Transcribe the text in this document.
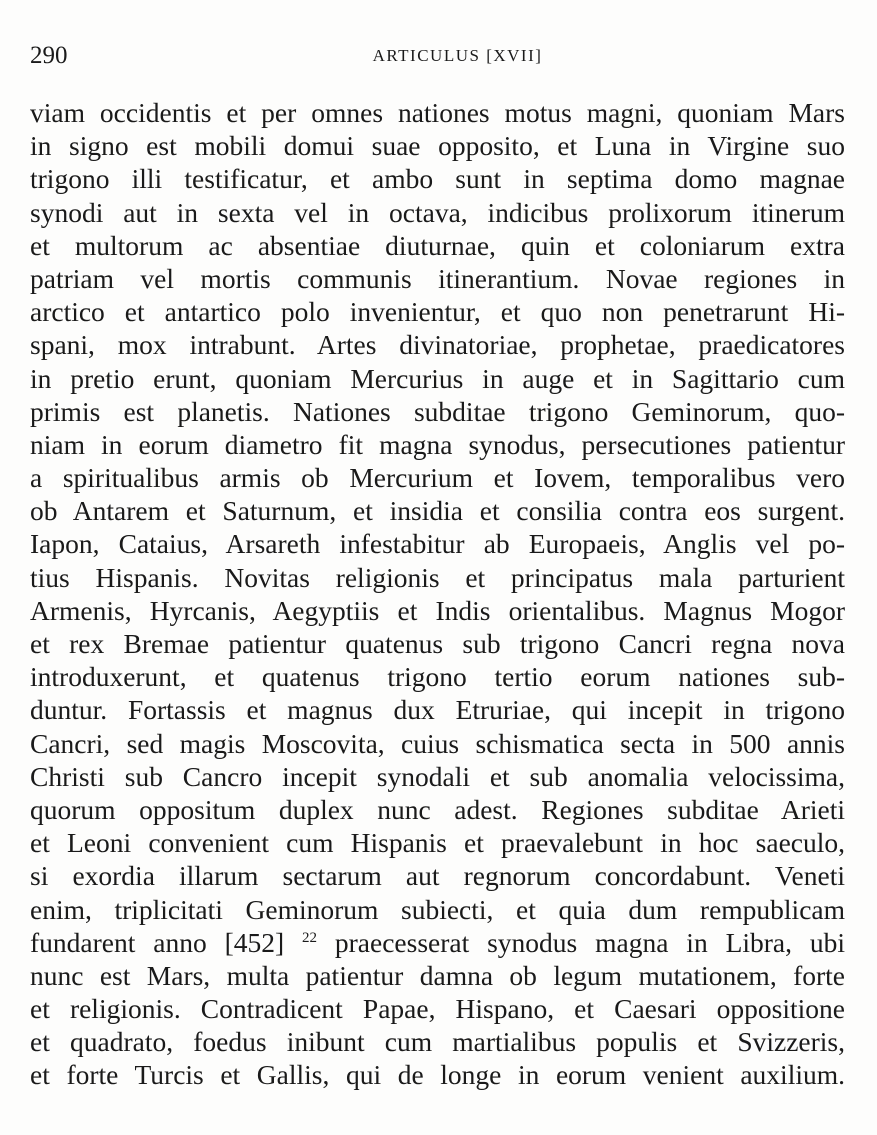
290	ARTICULUS [XVII]
viam occidentis et per omnes nationes motus magni, quoniam Mars
in signo est mobili domui suae opposito, et Luna in Virgine suo
trigono illi testificatur, et ambo sunt in septima domo magnae
synodi aut in sexta vel in octava, indicibus prolixorum itinerum
et multorum ac absentiae diuturnae, quin et coloniarum extra
patriam vel mortis communis itinerantium. Novae regiones in
arctico et antartico polo invenientur, et quo non penetrarunt Hi-
spani, mox intrabunt. Artes divinatoriae, prophetae, praedicatores
in pretio erunt, quoniam Mercurius in auge et in Sagittario cum
primis est planetis. Nationes subditae trigono Geminorum, quo-
niam in eorum diametro fit magna synodus, persecutiones patientur
a spiritualibus armis ob Mercurium et Iovem, temporalibus vero
ob Antarem et Saturnum, et insidia et consilia contra eos surgent.
Iapon, Cataius, Arsareth infestabitur ab Europaeis, Anglis vel po-
tius Hispanis. Novitas religionis et principatus mala parturient
Armenis, Hyrcanis, Aegyptiis et Indis orientalibus. Magnus Mogor
et rex Bremae patientur quatenus sub trigono Cancri regna nova
introduxerunt, et quatenus trigono tertio eorum nationes sub-
duntur. Fortassis et magnus dux Etruriae, qui incepit in trigono
Cancri, sed magis Moscovita, cuius schismatica secta in 500 annis
Christi sub Cancro incepit synodali et sub anomalia velocissima,
quorum oppositum duplex nunc adest. Regiones subditae Arieti
et Leoni convenient cum Hispanis et praevalebunt in hoc saeculo,
si exordia illarum sectarum aut regnorum concordabunt. Veneti
enim, triplicitati Geminorum subiecti, et quia dum rempublicam
fundarent anno [452] $^{22}$ praecesserat synodus magna in Libra, ubi
nunc est Mars, multa patientur damna ob legum mutationem, forte
et religionis. Contradicent Papae, Hispano, et Caesari oppositione
et quadrato, foedus inibunt cum martialibus populis et Svizzeris,
et forte Turcis et Gallis, qui de longe in eorum venient auxilium.
